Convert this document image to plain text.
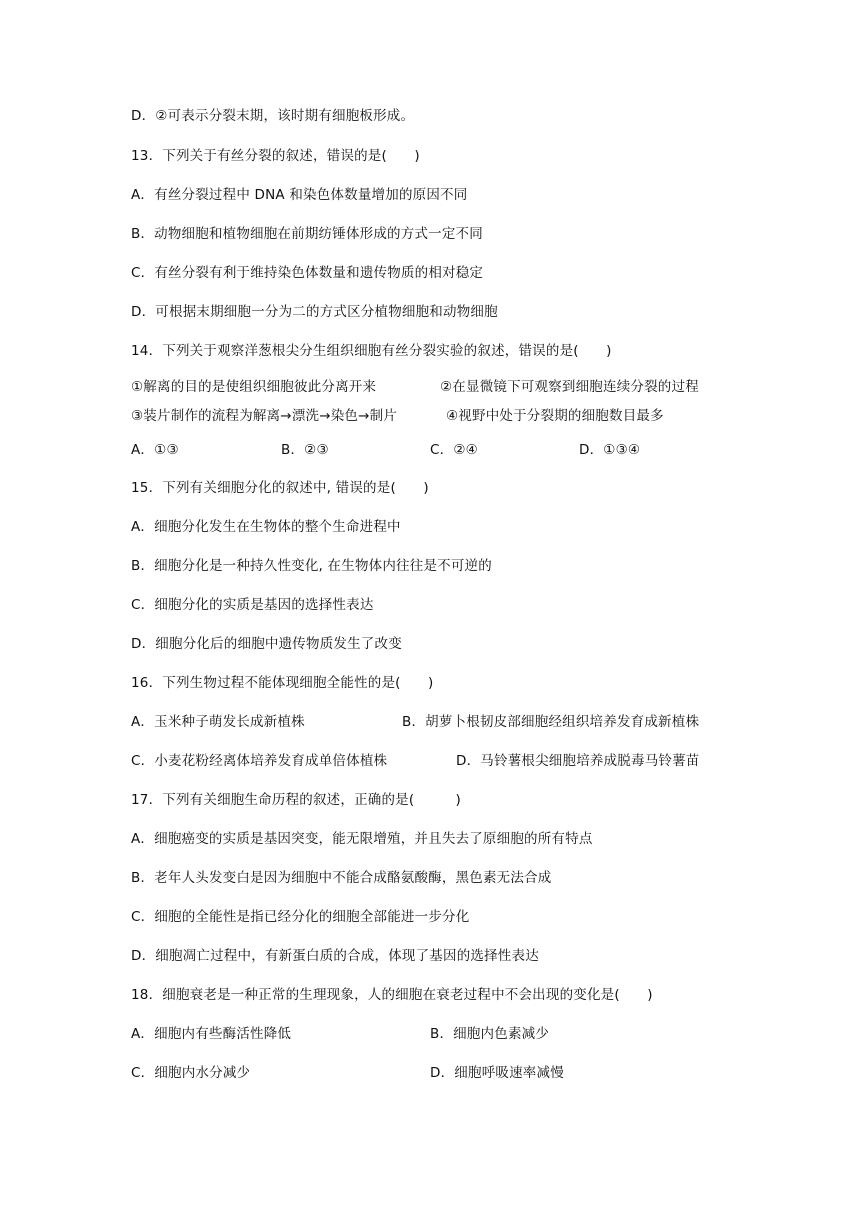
D．②可表示分裂末期，该时期有细胞板形成。
13．下列关于有丝分裂的叙述，错误的是(　　)
A．有丝分裂过程中 DNA 和染色体数量增加的原因不同
B．动物细胞和植物细胞在前期纺锤体形成的方式一定不同
C．有丝分裂有利于维持染色体数量和遗传物质的相对稳定
D．可根据末期细胞一分为二的方式区分植物细胞和动物细胞
14．下列关于观察洋葱根尖分生组织细胞有丝分裂实验的叙述，错误的是(　　)
①解离的目的是使组织细胞彼此分离开来	②在显微镜下可观察到细胞连续分裂的过程
③装片制作的流程为解离→漂洗→染色→制片	④视野中处于分裂期的细胞数目最多
A．①③	B．②③	C．②④	D．①③④
15．下列有关细胞分化的叙述中, 错误的是(　　)
A．细胞分化发生在生物体的整个生命进程中
B．细胞分化是一种持久性变化, 在生物体内往往是不可逆的
C．细胞分化的实质是基因的选择性表达
D．细胞分化后的细胞中遗传物质发生了改变
16．下列生物过程不能体现细胞全能性的是(　　)
A．玉米种子萌发长成新植株	B．胡萝卜根韧皮部细胞经组织培养发育成新植株
C．小麦花粉经离体培养发育成单倍体植株	D．马铃薯根尖细胞培养成脱毒马铃薯苗
17．下列有关细胞生命历程的叙述，正确的是(　　　)
A．细胞癌变的实质是基因突变，能无限增殖，并且失去了原细胞的所有特点
B．老年人头发变白是因为细胞中不能合成酪氨酸酶，黑色素无法合成
C．细胞的全能性是指已经分化的细胞全部能进一步分化
D．细胞凋亡过程中，有新蛋白质的合成，体现了基因的选择性表达
18．细胞衰老是一种正常的生理现象，人的细胞在衰老过程中不会出现的变化是(　　)
A．细胞内有些酶活性降低	B．细胞内色素减少
C．细胞内水分减少	D．细胞呼吸速率减慢
